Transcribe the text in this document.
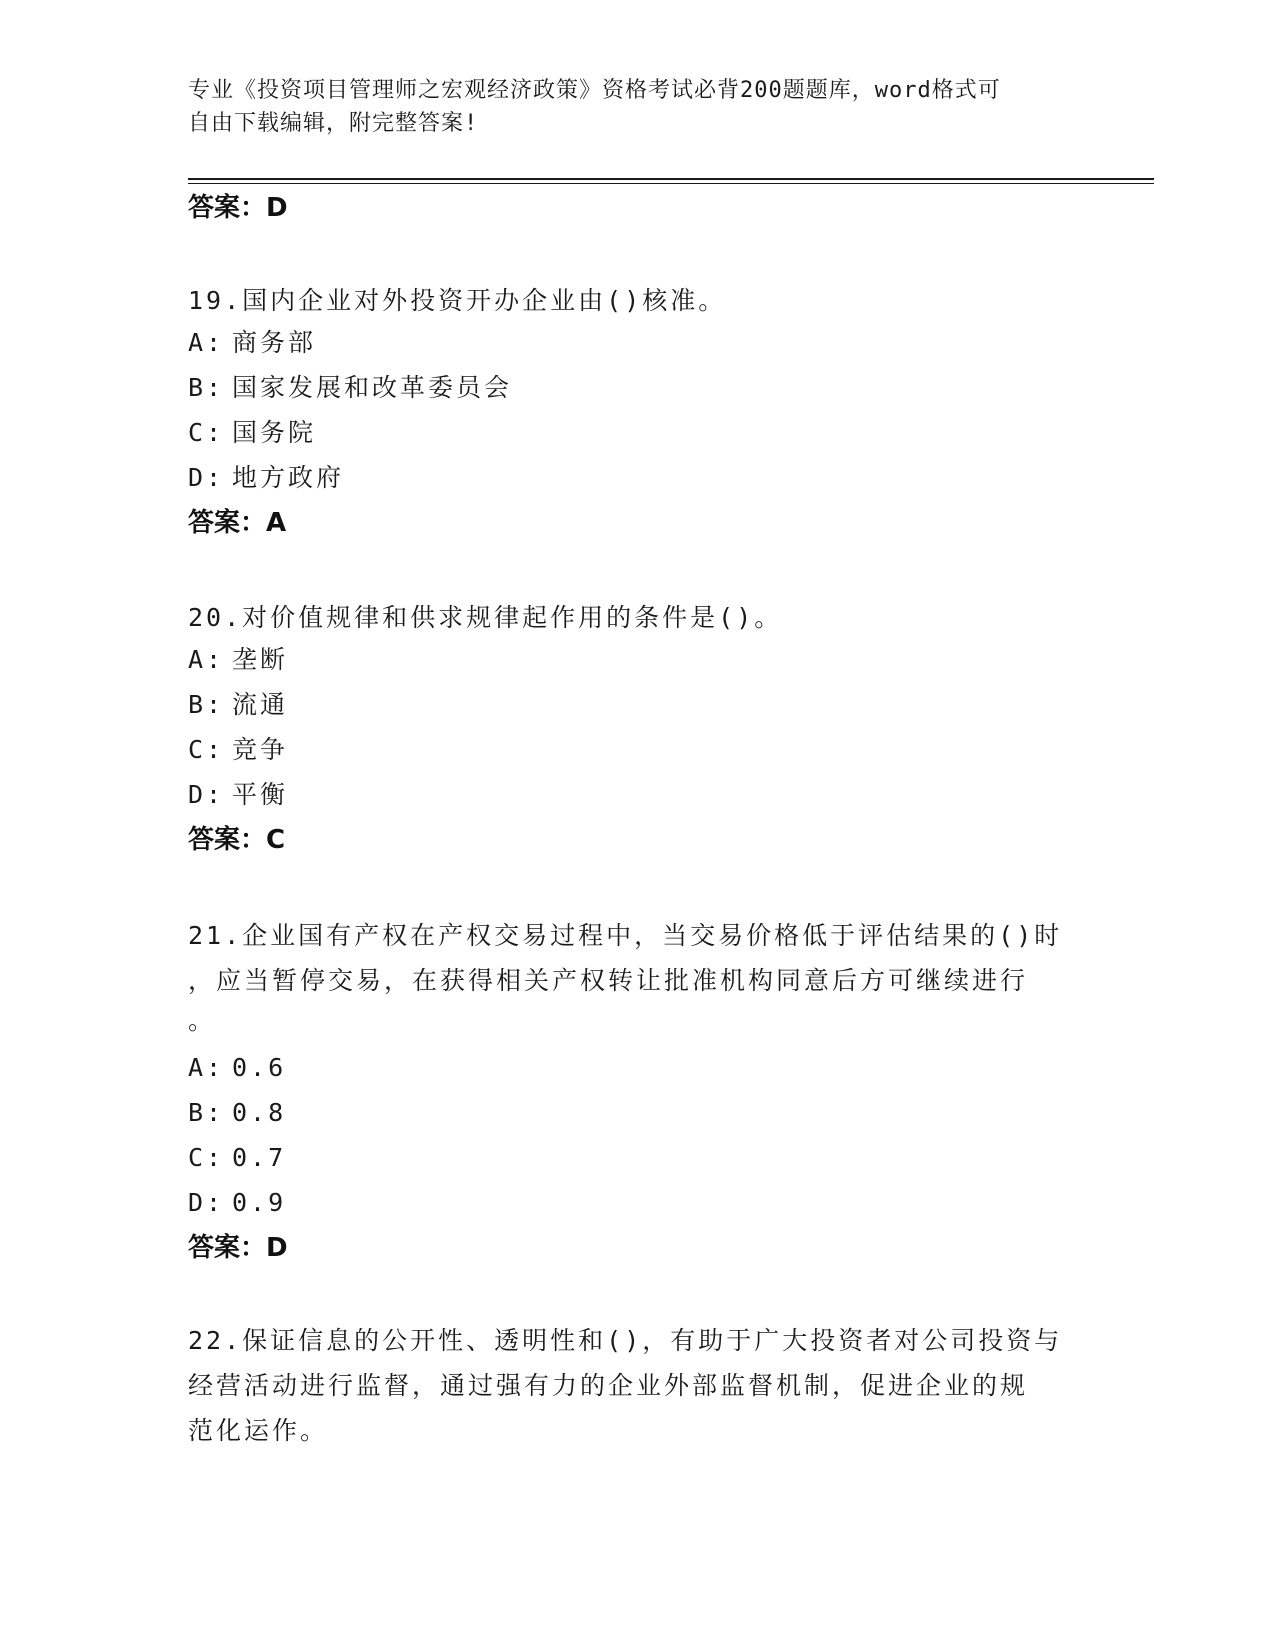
专业《投资项目管理师之宏观经济政策》资格考试必背200题题库，word格式可
自由下载编辑，附完整答案!
答案：D
19.国内企业对外投资开办企业由()核准。
A: 商务部
B: 国家发展和改革委员会
C: 国务院
D: 地方政府
答案：A
20.对价值规律和供求规律起作用的条件是()。
A: 垄断
B: 流通
C: 竞争
D: 平衡
答案：C
21.企业国有产权在产权交易过程中，当交易价格低于评估结果的()时
，应当暂停交易，在获得相关产权转让批准机构同意后方可继续进行
。
A: 0.6
B: 0.8
C: 0.7
D: 0.9
答案：D
22.保证信息的公开性、透明性和()，有助于广大投资者对公司投资与
经营活动进行监督，通过强有力的企业外部监督机制，促进企业的规
范化运作。
